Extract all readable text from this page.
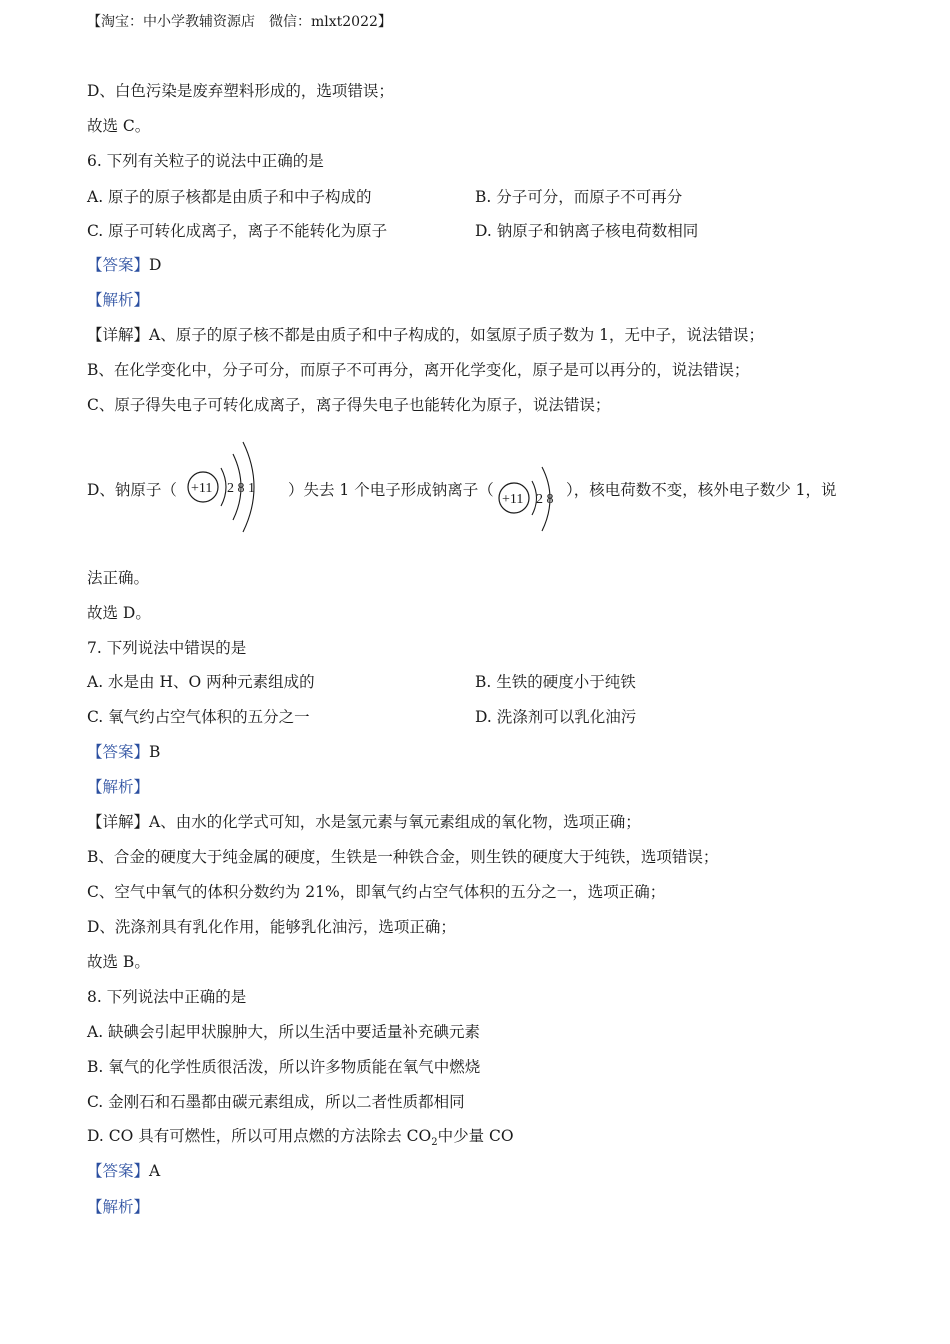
【淘宝：中小学教辅资源店　微信：mlxt2022】
D、白色污染是废弃塑料形成的，选项错误；
故选 C。
6. 下列有关粒子的说法中正确的是
A. 原子的原子核都是由质子和中子构成的	B. 分子可分，而原子不可再分
C. 原子可转化成离子，离子不能转化为原子	D. 钠原子和钠离子核电荷数相同
【答案】D
【解析】
【详解】A、原子的原子核不都是由质子和中子构成的，如氢原子质子数为 1，无中子，说法错误；
B、在化学变化中，分子可分，而原子不可再分，离开化学变化，原子是可以再分的，说法错误；
C、原子得失电子可转化成离子，离子得失电子也能转化为原子，说法错误；
D、钠原子（ +11 2 8 1 ）失去 1 个电子形成钠离子（
+11 2 8
），核电荷数不变，核外电子数少 1，说
法正确。
故选 D。
7. 下列说法中错误的是
A. 水是由 H、O 两种元素组成的	B. 生铁的硬度小于纯铁
C. 氧气约占空气体积的五分之一	D. 洗涤剂可以乳化油污
【答案】B
【解析】
【详解】A、由水的化学式可知，水是氢元素与氧元素组成的氧化物，选项正确；
B、合金的硬度大于纯金属的硬度，生铁是一种铁合金，则生铁的硬度大于纯铁，选项错误；
C、空气中氧气的体积分数约为 21%，即氧气约占空气体积的五分之一，选项正确；
D、洗涤剂具有乳化作用，能够乳化油污，选项正确；
故选 B。
8. 下列说法中正确的是
A. 缺碘会引起甲状腺肿大，所以生活中要适量补充碘元素
B. 氧气的化学性质很活泼，所以许多物质能在氧气中燃烧
C. 金刚石和石墨都由碳元素组成，所以二者性质都相同
D. CO 具有可燃性，所以可用点燃的方法除去 $CO_2$中少量 CO
【答案】A
【解析】
